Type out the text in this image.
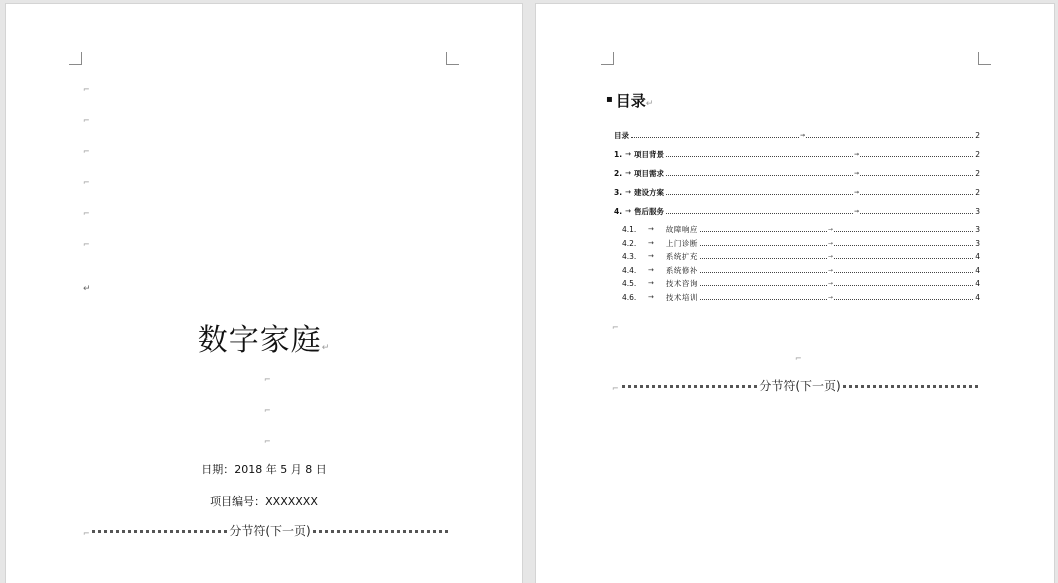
⌐
⌐
⌐
⌐
⌐
⌐
↵
数字家庭↵
⌐
⌐
⌐
日期：2018 年 5 月 8 日
项目编号：XXXXXXX
⌐	分节符(下一页)
▪ 目录↵
目录	→	2
1. → 项目背景	→	2
2. → 项目需求	→	2
3. → 建设方案	→	2
4. → 售后服务	→	3
4.1.	→ 故障响应	→	3
4.2.	→ 上门诊断	→	3
4.3.	→ 系统扩充	→	4
4.4.	→ 系统修补	→	4
4.5.	→ 技术咨询	→	4
4.6.	→ 技术培训	→	4
⌐
⌐
⌐	分节符(下一页)
